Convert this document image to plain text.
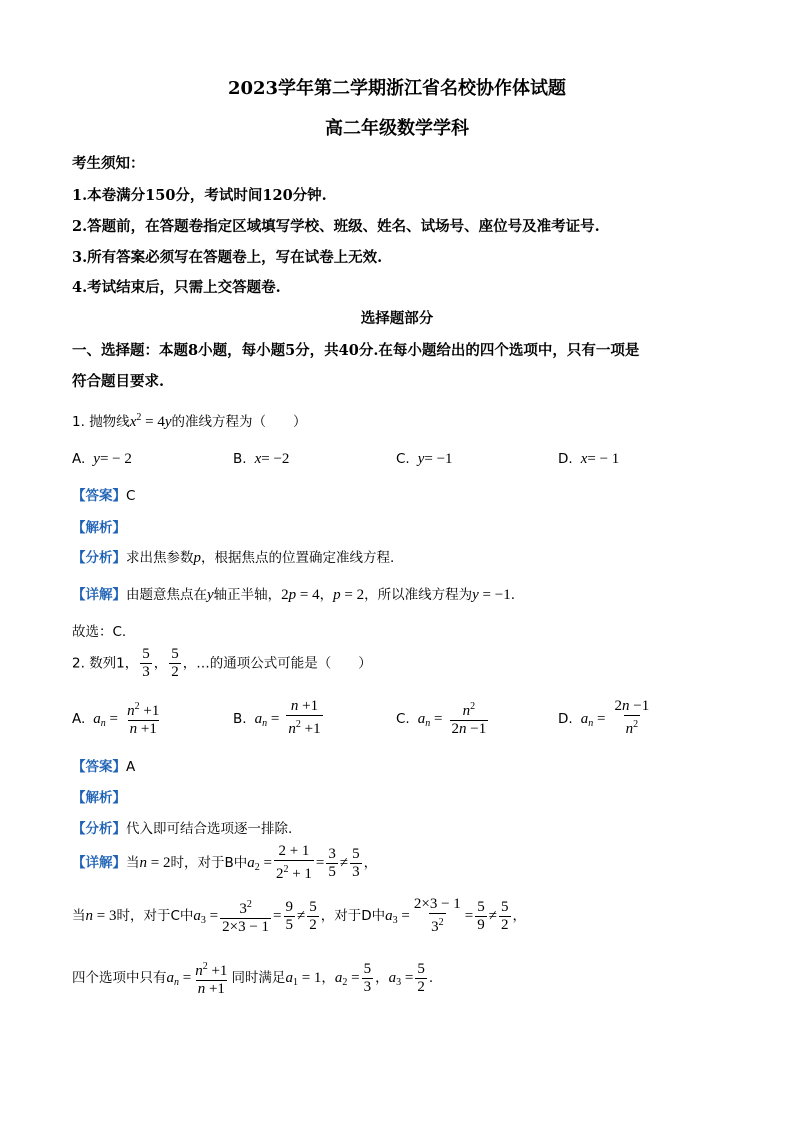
2023学年第二学期浙江省名校协作体试题
高二年级数学学科
考生须知：
1.本卷满分150分，考试时间120分钟.
2.答题前，在答题卷指定区域填写学校、班级、姓名、试场号、座位号及准考证号.
3.所有答案必须写在答题卷上，写在试卷上无效.
4.考试结束后，只需上交答题卷.
选择题部分
一、选择题：本题8小题，每小题5分，共40分.在每小题给出的四个选项中，只有一项是
符合题目要求.
1. 抛物线$x^2 = 4y$的准线方程为（　　）
A. y= − 2	B. x= −2	C. y= −1	D. x= − 1
【答案】C
【解析】
【分析】求出焦参数p，根据焦点的位置确定准线方程.
【详解】由题意焦点在y轴正半轴，2p = 4，p = 2，所以准线方程为y = −1.
故选：C.
2. 数列1， $\frac{5}{3}$ ， $\frac{5}{2}$ ，…的通项公式可能是（　　）
A. $a_n = \frac{n^2 +1}{n +1}$	B. $a_n = \frac{n +1}{n^2 +1}$	C. $a_n = \frac{n^2}{2n -1}$	D. $a_n = \frac{2n -1}{n^2}$
【答案】A
【解析】
【分析】代入即可结合选项逐一排除.
【详解】当n = 2时，对于B中$a_2 = \frac{2 + 1}{2^2 + 1} = \frac{3}{5} \ne \frac{5}{3}$ ，
当n = 3时，对于C中$a_3 = \frac{3^2}{2\times 3 - 1} = \frac{9}{5} \ne \frac{5}{2}$ ，对于D中$a_3 = \frac{2\times 3 - 1}{3^2} = \frac{5}{9} \ne \frac{5}{2}$ ，
四个选项中只有$a_n = \frac{n^2 +1}{n +1}$ 同时满足$a_1 = 1$，$a_2 = \frac{5}{3}$ ，$a_3 = \frac{5}{2}$ .
